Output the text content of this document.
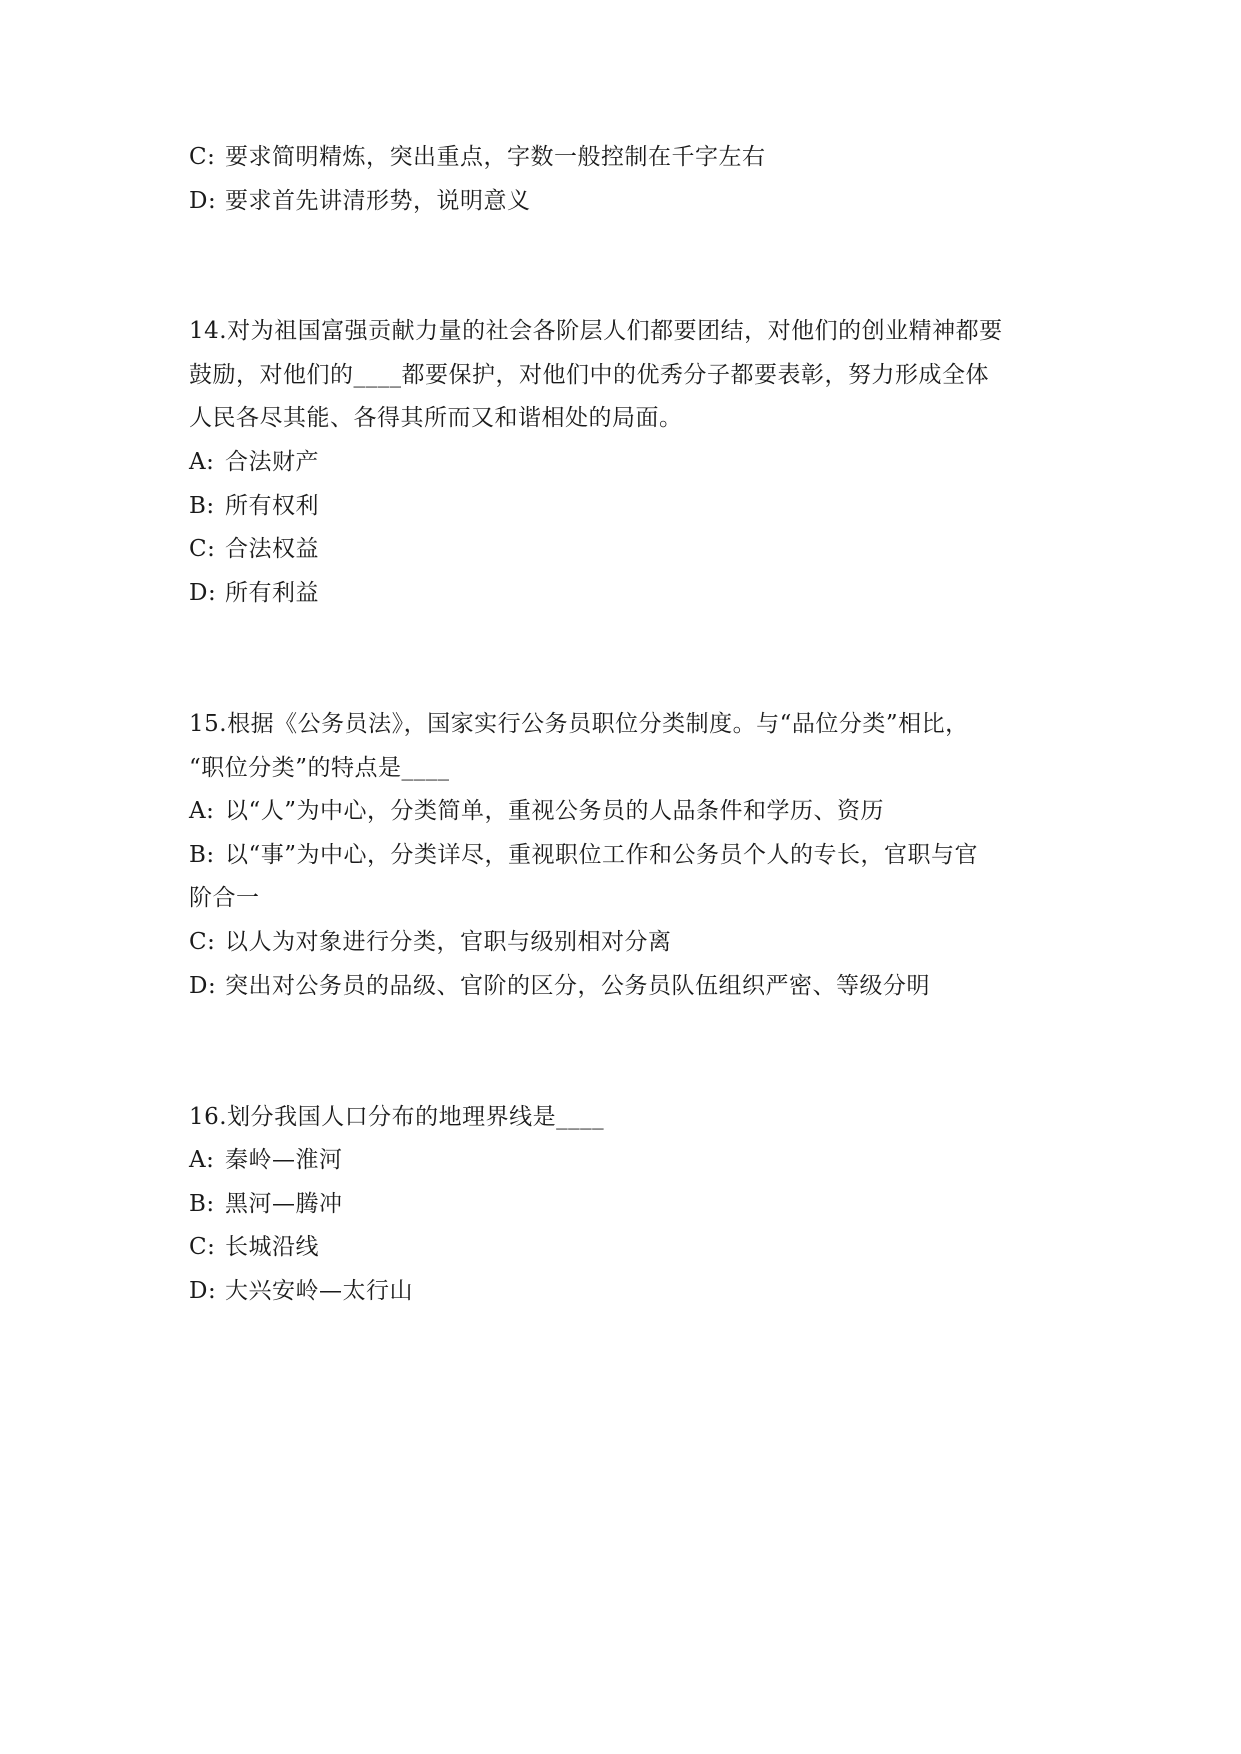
C: 要求简明精炼，突出重点，字数一般控制在千字左右
D: 要求首先讲清形势，说明意义
14.对为祖国富强贡献力量的社会各阶层人们都要团结，对他们的创业精神都要
鼓励，对他们的____都要保护，对他们中的优秀分子都要表彰，努力形成全体
人民各尽其能、各得其所而又和谐相处的局面。
A: 合法财产
B: 所有权利
C: 合法权益
D: 所有利益
15.根据《公务员法》，国家实行公务员职位分类制度。与“品位分类”相比，
“职位分类”的特点是____
A: 以“人”为中心，分类简单，重视公务员的人品条件和学历、资历
B: 以“事”为中心，分类详尽，重视职位工作和公务员个人的专长，官职与官
阶合一
C: 以人为对象进行分类，官职与级别相对分离
D: 突出对公务员的品级、官阶的区分，公务员队伍组织严密、等级分明
16.划分我国人口分布的地理界线是____
A: 秦岭—淮河
B: 黑河—腾冲
C: 长城沿线
D: 大兴安岭—太行山
